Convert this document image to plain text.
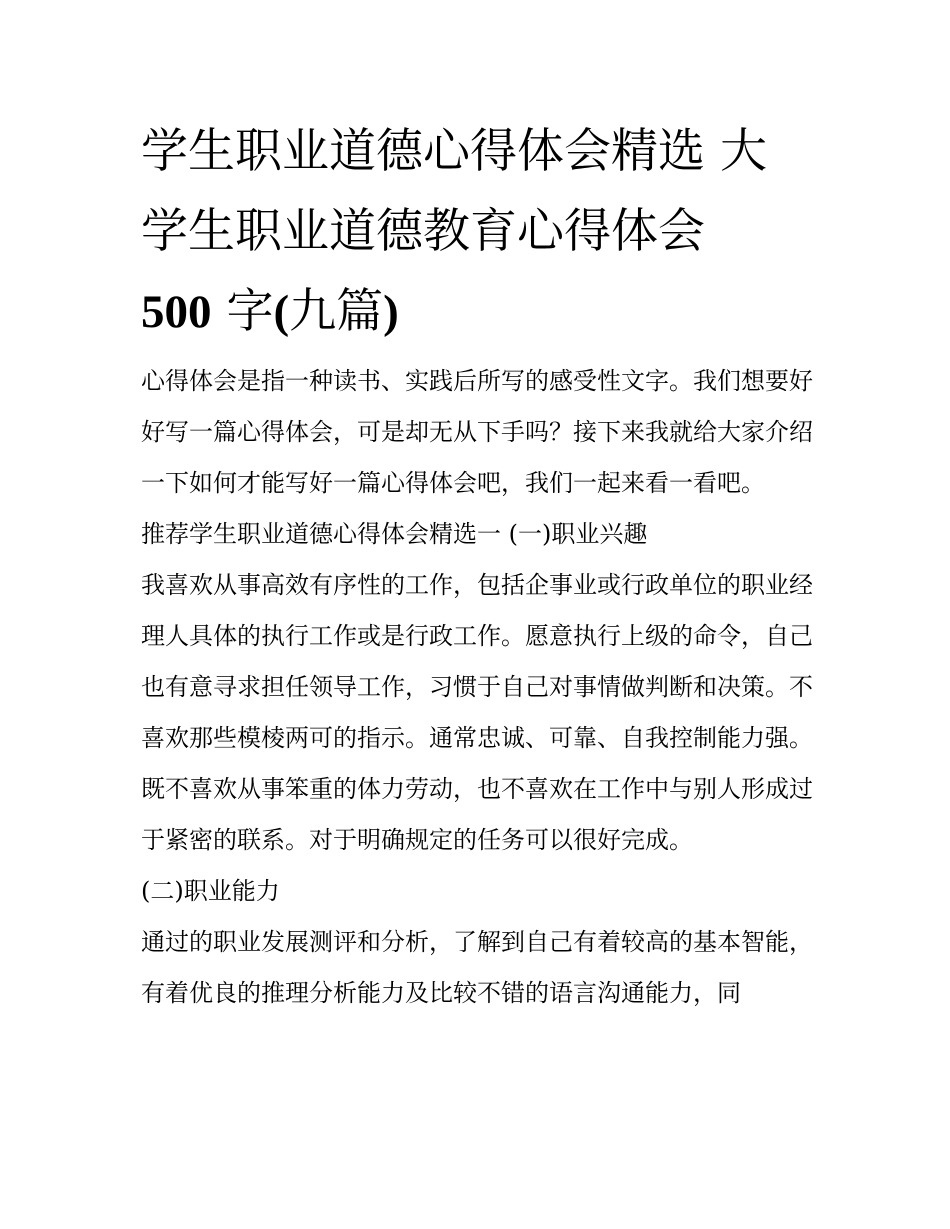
学生职业道德心得体会精选 大
学生职业道德教育心得体会
500 字(九篇)

心得体会是指一种读书、实践后所写的感受性文字。我们想要好好写一篇心得体会，可是却无从下手吗？接下来我就给大家介绍一下如何才能写好一篇心得体会吧，我们一起来看一看吧。

推荐学生职业道德心得体会精选一 (一)职业兴趣

我喜欢从事高效有序性的工作，包括企事业或行政单位的职业经理人具体的执行工作或是行政工作。愿意执行上级的命令，自己也有意寻求担任领导工作，习惯于自己对事情做判断和决策。不喜欢那些模棱两可的指示。通常忠诚、可靠、自我控制能力强。既不喜欢从事笨重的体力劳动，也不喜欢在工作中与别人形成过于紧密的联系。对于明确规定的任务可以很好完成。

(二)职业能力

通过的职业发展测评和分析，了解到自己有着较高的基本智能，有着优良的推理分析能力及比较不错的语言沟通能力，同
